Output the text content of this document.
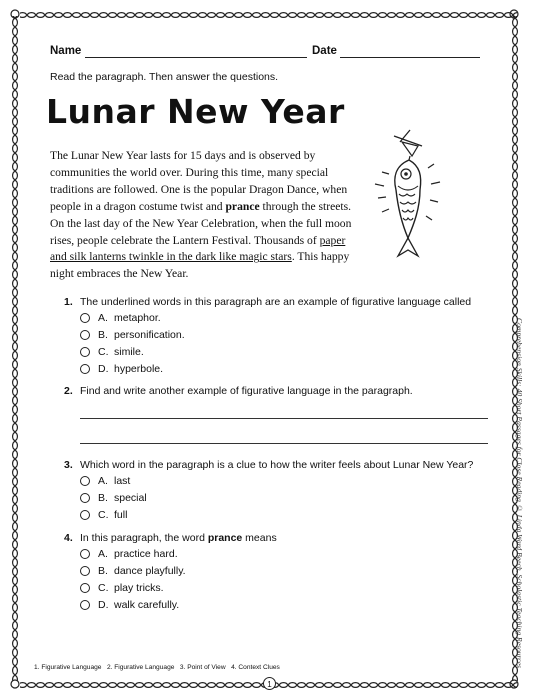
Name	Date
Read the paragraph. Then answer the questions.
Lunar New Year
The Lunar New Year lasts for 15 days and is observed by communities the world over. During this time, many special traditions are followed. One is the popular Dragon Dance, when people in a dragon costume twist and prance through the streets. On the last day of the New Year Celebration, when the full moon rises, people celebrate the Lantern Festival. Thousands of paper and silk lanterns twinkle in the dark like magic stars. This happy night embraces the New Year.
1. The underlined words in this paragraph are an example of figurative language called
A. metaphor.
B. personification.
C. simile.
D. hyperbole.
2. Find and write another example of figurative language in the paragraph.
3. Which word in the paragraph is a clue to how the writer feels about Lunar New Year?
A. last
B. special
C. full
4. In this paragraph, the word prance means
A. practice hard.
B. dance playfully.
C. play tricks.
D. walk carefully.	Comprehension Skills: 40 Short Passages for Close Reading © Linda Ward Beech, Scholastic Teaching Resources
1. Figurative Language   2. Figurative Language   3. Point of View   4. Context Clues
1
